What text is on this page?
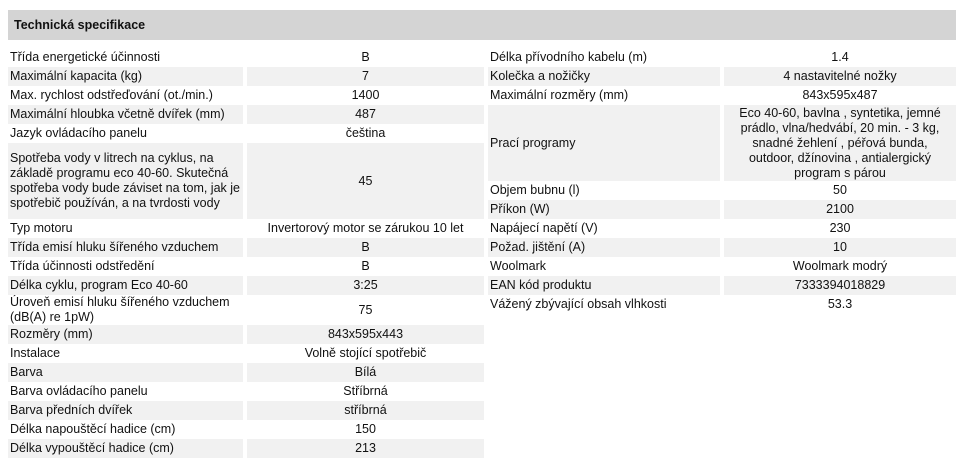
Technická specifikace
Třída energetické účinnosti	B
Maximální kapacita (kg)	7
Max. rychlost odstřeďování (ot./min.)	1400
Maximální hloubka včetně dvířek (mm)	487
Jazyk ovládacího panelu	čeština
Spotřeba vody v litrech na cyklus, na základě programu eco 40-60. Skutečná spotřeba vody bude záviset na tom, jak je spotřebič používán, a na tvrdosti vody	45
Typ motoru	Invertorový motor se zárukou 10 let
Třída emisí hluku šířeného vzduchem	B
Třída účinnosti odstředění	B
Délka cyklu, program Eco 40-60	3:25
Úroveň emisí hluku šířeného vzduchem (dB(A) re 1pW)	75
Rozměry (mm)	843x595x443
Instalace	Volně stojící spotřebič
Barva	Bílá
Barva ovládacího panelu	Stříbrná
Barva předních dvířek	stříbrná
Délka napouštěcí hadice (cm)	150
Délka vypouštěcí hadice (cm)	213
Délka přívodního kabelu (m)	1.4
Kolečka a nožičky	4 nastavitelné nožky
Maximální rozměry (mm)	843x595x487
Prací programy	Eco 40-60, bavlna , syntetika, jemné prádlo, vlna/hedvábí, 20 min. - 3 kg, snadné žehlení , péřová bunda, outdoor, džínovina , antialergický program s párou
Objem bubnu (l)	50
Příkon (W)	2100
Napájecí napětí (V)	230
Požad. jištění (A)	10
Woolmark	Woolmark modrý
EAN kód produktu	7333394018829
Vážený zbývající obsah vlhkosti	53.3
